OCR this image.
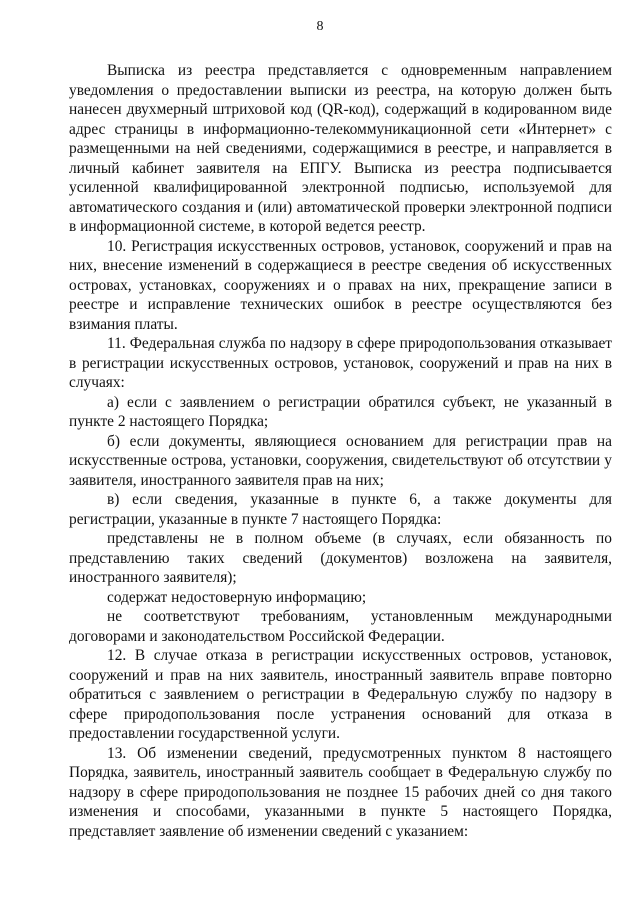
8

Выписка из реестра представляется с одновременным направлением уведомления о предоставлении выписки из реестра, на которую должен быть нанесен двухмерный штриховой код (QR-код), содержащий в кодированном виде адрес страницы в информационно-телекоммуникационной сети «Интернет» с размещенными на ней сведениями, содержащимися в реестре, и направляется в личный кабинет заявителя на ЕПГУ. Выписка из реестра подписывается усиленной квалифицированной электронной подписью, используемой для автоматического создания и (или) автоматической проверки электронной подписи в информационной системе, в которой ведется реестр.

10. Регистрация искусственных островов, установок, сооружений и прав на них, внесение изменений в содержащиеся в реестре сведения об искусственных островах, установках, сооружениях и о правах на них, прекращение записи в реестре и исправление технических ошибок в реестре осуществляются без взимания платы.

11. Федеральная служба по надзору в сфере природопользования отказывает в регистрации искусственных островов, установок, сооружений и прав на них в случаях:

а) если с заявлением о регистрации обратился субъект, не указанный в пункте 2 настоящего Порядка;

б) если документы, являющиеся основанием для регистрации прав на искусственные острова, установки, сооружения, свидетельствуют об отсутствии у заявителя, иностранного заявителя прав на них;

в) если сведения, указанные в пункте 6, а также документы для регистрации, указанные в пункте 7 настоящего Порядка:

представлены не в полном объеме (в случаях, если обязанность по представлению таких сведений (документов) возложена на заявителя, иностранного заявителя);

содержат недостоверную информацию;

не соответствуют требованиям, установленным международными договорами и законодательством Российской Федерации.

12. В случае отказа в регистрации искусственных островов, установок, сооружений и прав на них заявитель, иностранный заявитель вправе повторно обратиться с заявлением о регистрации в Федеральную службу по надзору в сфере природопользования после устранения оснований для отказа в предоставлении государственной услуги.

13. Об изменении сведений, предусмотренных пунктом 8 настоящего Порядка, заявитель, иностранный заявитель сообщает в Федеральную службу по надзору в сфере природопользования не позднее 15 рабочих дней со дня такого изменения и способами, указанными в пункте 5 настоящего Порядка, представляет заявление об изменении сведений с указанием:
